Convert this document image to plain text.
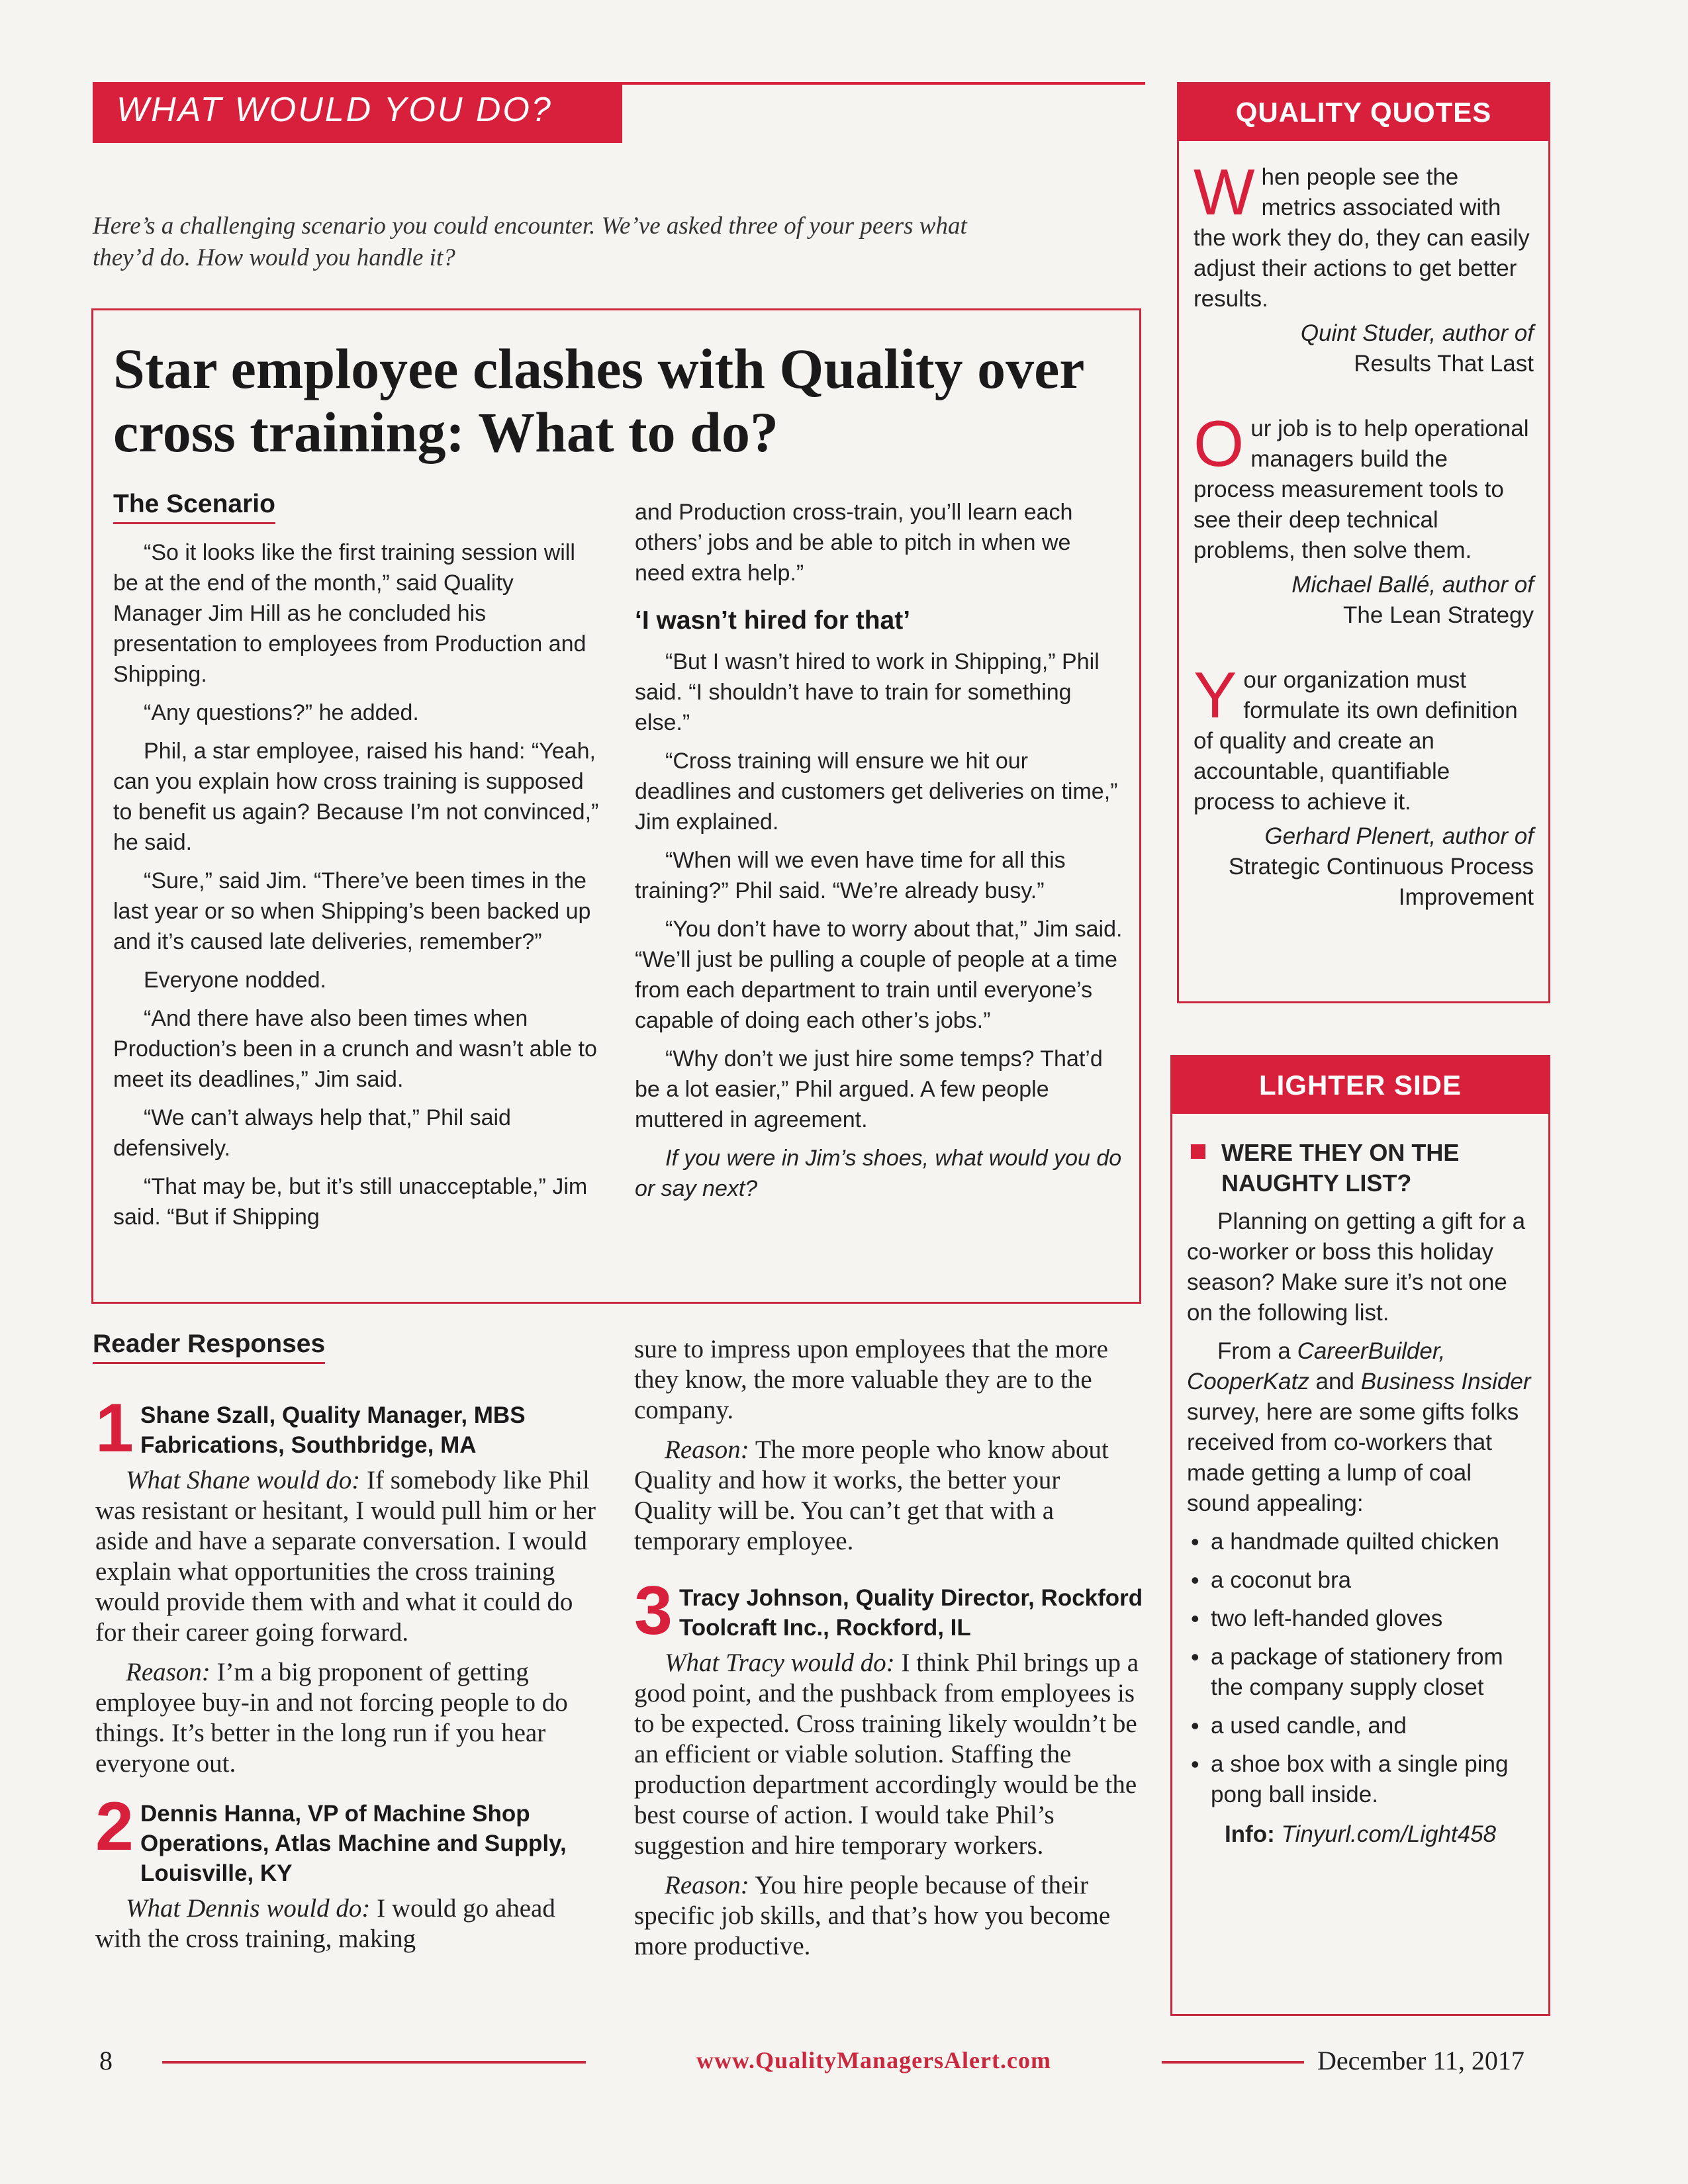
WHAT WOULD YOU DO?
Here’s a challenging scenario you could encounter. We’ve asked three of your peers what they’d do. How would you handle it?
Star employee clashes with Quality over cross training: What to do?
The Scenario

“So it looks like the first training session will be at the end of the month,” said Quality Manager Jim Hill as he concluded his presentation to employees from Production and Shipping.

“Any questions?” he added.

Phil, a star employee, raised his hand: “Yeah, can you explain how cross training is supposed to benefit us again? Because I’m not convinced,” he said.

“Sure,” said Jim. “There’ve been times in the last year or so when Shipping’s been backed up and it’s caused late deliveries, remember?”

Everyone nodded.

“And there have also been times when Production’s been in a crunch and wasn’t able to meet its deadlines,” Jim said.

“We can’t always help that,” Phil said defensively.

“That may be, but it’s still unacceptable,” Jim said. “But if Shipping

and Production cross-train, you’ll learn each others’ jobs and be able to pitch in when we need extra help.”

‘I wasn’t hired for that’

“But I wasn’t hired to work in Shipping,” Phil said. “I shouldn’t have to train for something else.”

“Cross training will ensure we hit our deadlines and customers get deliveries on time,” Jim explained.

“When will we even have time for all this training?” Phil said. “We’re already busy.”

“You don’t have to worry about that,” Jim said. “We’ll just be pulling a couple of people at a time from each department to train until everyone’s capable of doing each other’s jobs.”

“Why don’t we just hire some temps? That’d be a lot easier,” Phil argued. A few people muttered in agreement.

If you were in Jim’s shoes, what would you do or say next?

Reader Responses
1 Shane Szall, Quality Manager, MBS Fabrications, Southbridge, MA

What Shane would do: If somebody like Phil was resistant or hesitant, I would pull him or her aside and have a separate conversation. I would explain what opportunities the cross training would provide them with and what it could do for their career going forward.

Reason: I’m a big proponent of getting employee buy-in and not forcing people to do things. It’s better in the long run if you hear everyone out.

2 Dennis Hanna, VP of Machine Shop Operations, Atlas Machine and Supply, Louisville, KY

What Dennis would do: I would go ahead with the cross training, making

sure to impress upon employees that the more they know, the more valuable they are to the company.

Reason: The more people who know about Quality and how it works, the better your Quality will be. You can’t get that with a temporary employee.

3 Tracy Johnson, Quality Director, Rockford Toolcraft Inc., Rockford, IL

What Tracy would do: I think Phil brings up a good point, and the pushback from employees is to be expected. Cross training likely wouldn’t be an efficient or viable solution. Staffing the production department accordingly would be the best course of action. I would take Phil’s suggestion and hire temporary workers.

Reason: You hire people because of their specific job skills, and that’s how you become more productive.

QUALITY QUOTES
When people see the metrics associated with the work they do, they can easily adjust their actions to get better results.
Quint Studer, author of
Results That Last
Our job is to help operational managers build the process measurement tools to see their deep technical problems, then solve them.
Michael Ballé, author of
The Lean Strategy
Your organization must formulate its own definition of quality and create an accountable, quantifiable process to achieve it.
Gerhard Plenert, author of
Strategic Continuous Process Improvement
LIGHTER SIDE
WERE THEY ON THE NAUGHTY LIST?

Planning on getting a gift for a co-worker or boss this holiday season? Make sure it’s not one on the following list.

From a CareerBuilder, CooperKatz and Business Insider survey, here are some gifts folks received from co-workers that made getting a lump of coal sound appealing:

• a handmade quilted chicken
• a coconut bra
• two left-handed gloves
• a package of stationery from the company supply closet
• a used candle, and
• a shoe box with a single ping pong ball inside.
Info: Tinyurl.com/Light458
8	www.QualityManagersAlert.com	December 11, 2017
